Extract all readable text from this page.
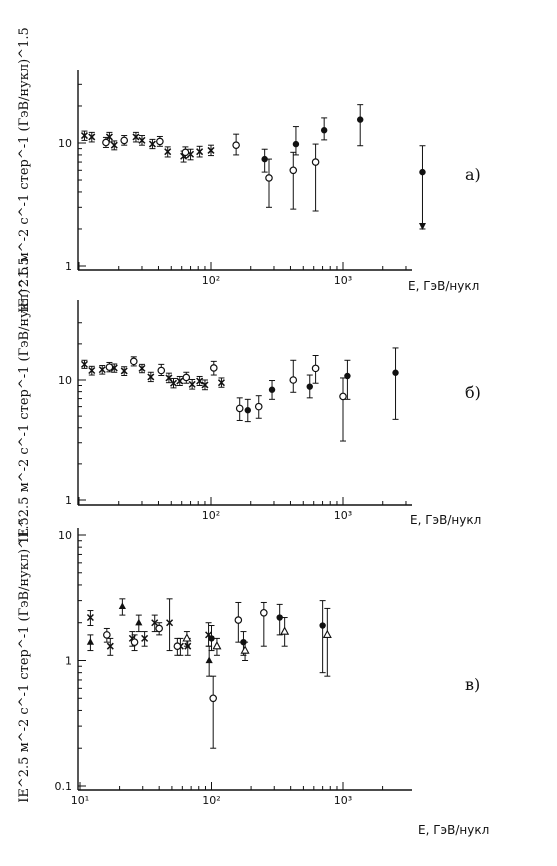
10²	10³
1
10
а)
E, ГэВ/нукл
IE^2.5 м^-2 с^-1 стер^-1 (ГэВ/нукл)^1.5
10²	10³
1
10
б)
E, ГэВ/нукл
IE^2.5 м^-2 с^-1 стер^-1 (ГэВ/нукл)^1.5
10¹	10²	10³
0.1
1
10
в)
E, ГэВ/нукл
IE^2.5 м^-2 с^-1 стер^-1 (ГэВ/нукл)^1.5
